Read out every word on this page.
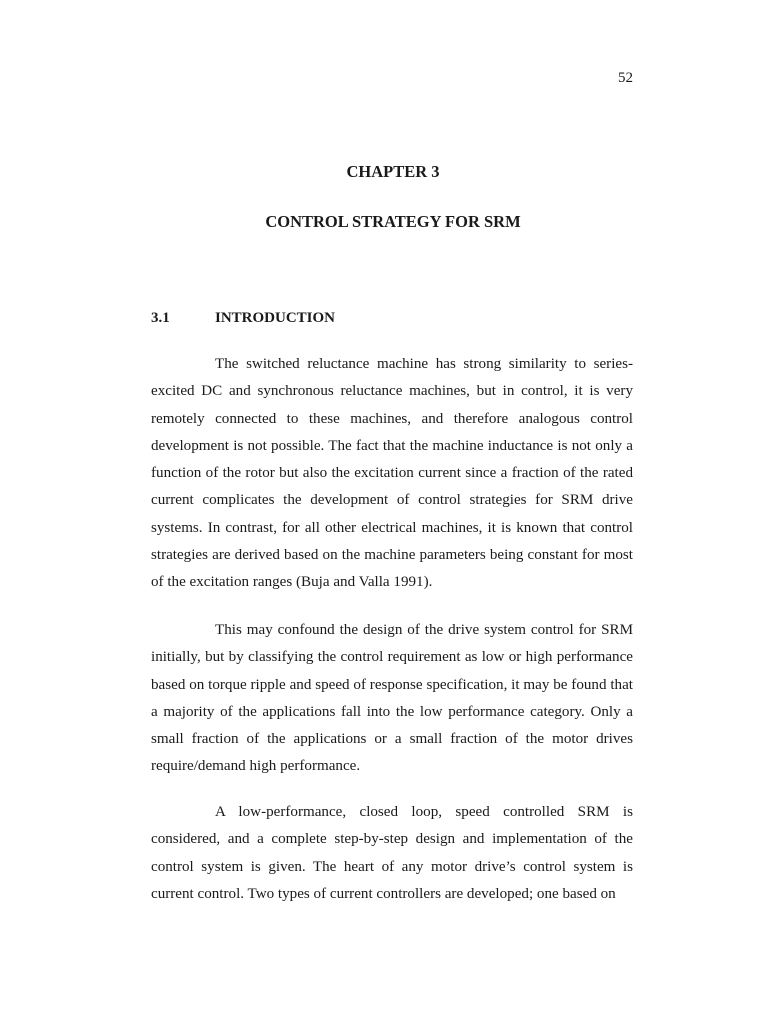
52
CHAPTER 3
CONTROL STRATEGY FOR SRM
3.1	INTRODUCTION

The switched reluctance machine has strong similarity to series-excited DC and synchronous reluctance machines, but in control, it is very remotely connected to these machines, and therefore analogous control development is not possible. The fact that the machine inductance is not only a function of the rotor but also the excitation current since a fraction of the rated current complicates the development of control strategies for SRM drive systems. In contrast, for all other electrical machines, it is known that control strategies are derived based on the machine parameters being constant for most of the excitation ranges (Buja and Valla 1991).

This may confound the design of the drive system control for SRM initially, but by classifying the control requirement as low or high performance based on torque ripple and speed of response specification, it may be found that a majority of the applications fall into the low performance category. Only a small fraction of the applications or a small fraction of the motor drives require/demand high performance.

A low-performance, closed loop, speed controlled SRM is considered, and a complete step-by-step design and implementation of the control system is given. The heart of any motor drive’s control system is current control. Two types of current controllers are developed; one based on
